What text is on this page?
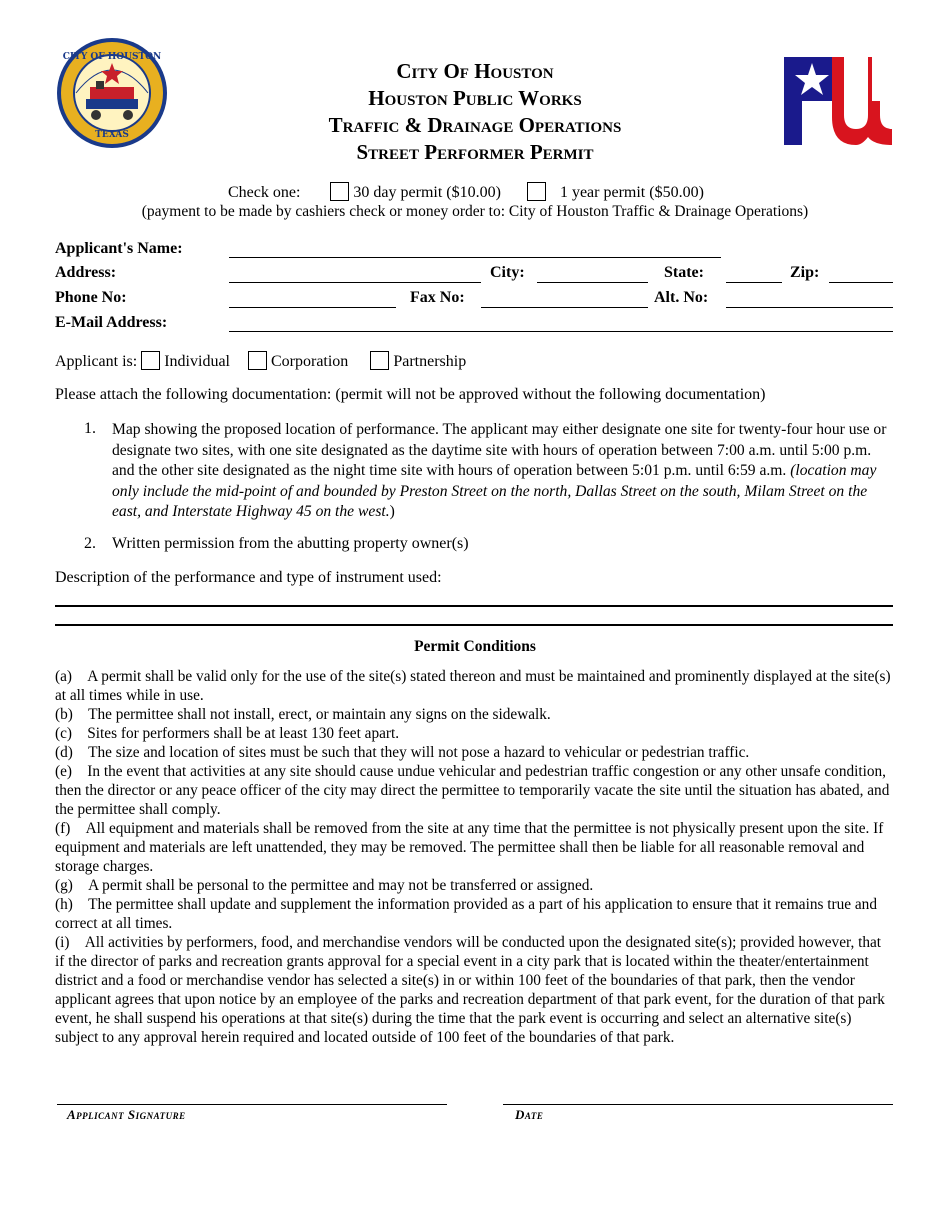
CITY OF HOUSTON
TEXAS
City Of Houston
Houston Public Works
Traffic & Drainage Operations
Street Performer Permit
Check one:	30 day permit ($10.00)	1 year permit ($50.00)
(payment to be made by cashiers check or money order to: City of Houston Traffic & Drainage Operations)
Applicant's Name:
Address:	City:	State:	Zip:
Phone No:	Fax No:	Alt. No:
E-Mail Address:
Applicant is: Individual	Corporation	Partnership
Please attach the following documentation: (permit will not be approved without the following documentation)
1. Map showing the proposed location of performance. The applicant may either designate one site for twenty-four hour use or designate two sites, with one site designated as the daytime site with hours of operation between 7:00 a.m. until 5:00 p.m. and the other site designated as the night time site with hours of operation between 5:01 p.m. until 6:59 a.m. (location may only include the mid-point of and bounded by Preston Street on the north, Dallas Street on the south, Milam Street on the east, and Interstate Highway 45 on the west.)
2. Written permission from the abutting property owner(s)
Description of the performance and type of instrument used:
Permit Conditions
(a) A permit shall be valid only for the use of the site(s) stated thereon and must be maintained and prominently displayed at the site(s) at all times while in use.
(b) The permittee shall not install, erect, or maintain any signs on the sidewalk.
(c) Sites for performers shall be at least 130 feet apart.
(d) The size and location of sites must be such that they will not pose a hazard to vehicular or pedestrian traffic.
(e) In the event that activities at any site should cause undue vehicular and pedestrian traffic congestion or any other unsafe condition, then the director or any peace officer of the city may direct the permittee to temporarily vacate the site until the situation has abated, and the permittee shall comply.
(f) All equipment and materials shall be removed from the site at any time that the permittee is not physically present upon the site. If equipment and materials are left unattended, they may be removed. The permittee shall then be liable for all reasonable removal and storage charges.
(g) A permit shall be personal to the permittee and may not be transferred or assigned.
(h) The permittee shall update and supplement the information provided as a part of his application to ensure that it remains true and correct at all times.
(i) All activities by performers, food, and merchandise vendors will be conducted upon the designated site(s); provided however, that if the director of parks and recreation grants approval for a special event in a city park that is located within the theater/entertainment district and a food or merchandise vendor has selected a site(s) in or within 100 feet of the boundaries of that park, then the vendor applicant agrees that upon notice by an employee of the parks and recreation department of that park event, for the duration of that park event, he shall suspend his operations at that site(s) during the time that the park event is occurring and select an alternative site(s) subject to any approval herein required and located outside of 100 feet of the boundaries of that park.
Applicant Signature	Date
